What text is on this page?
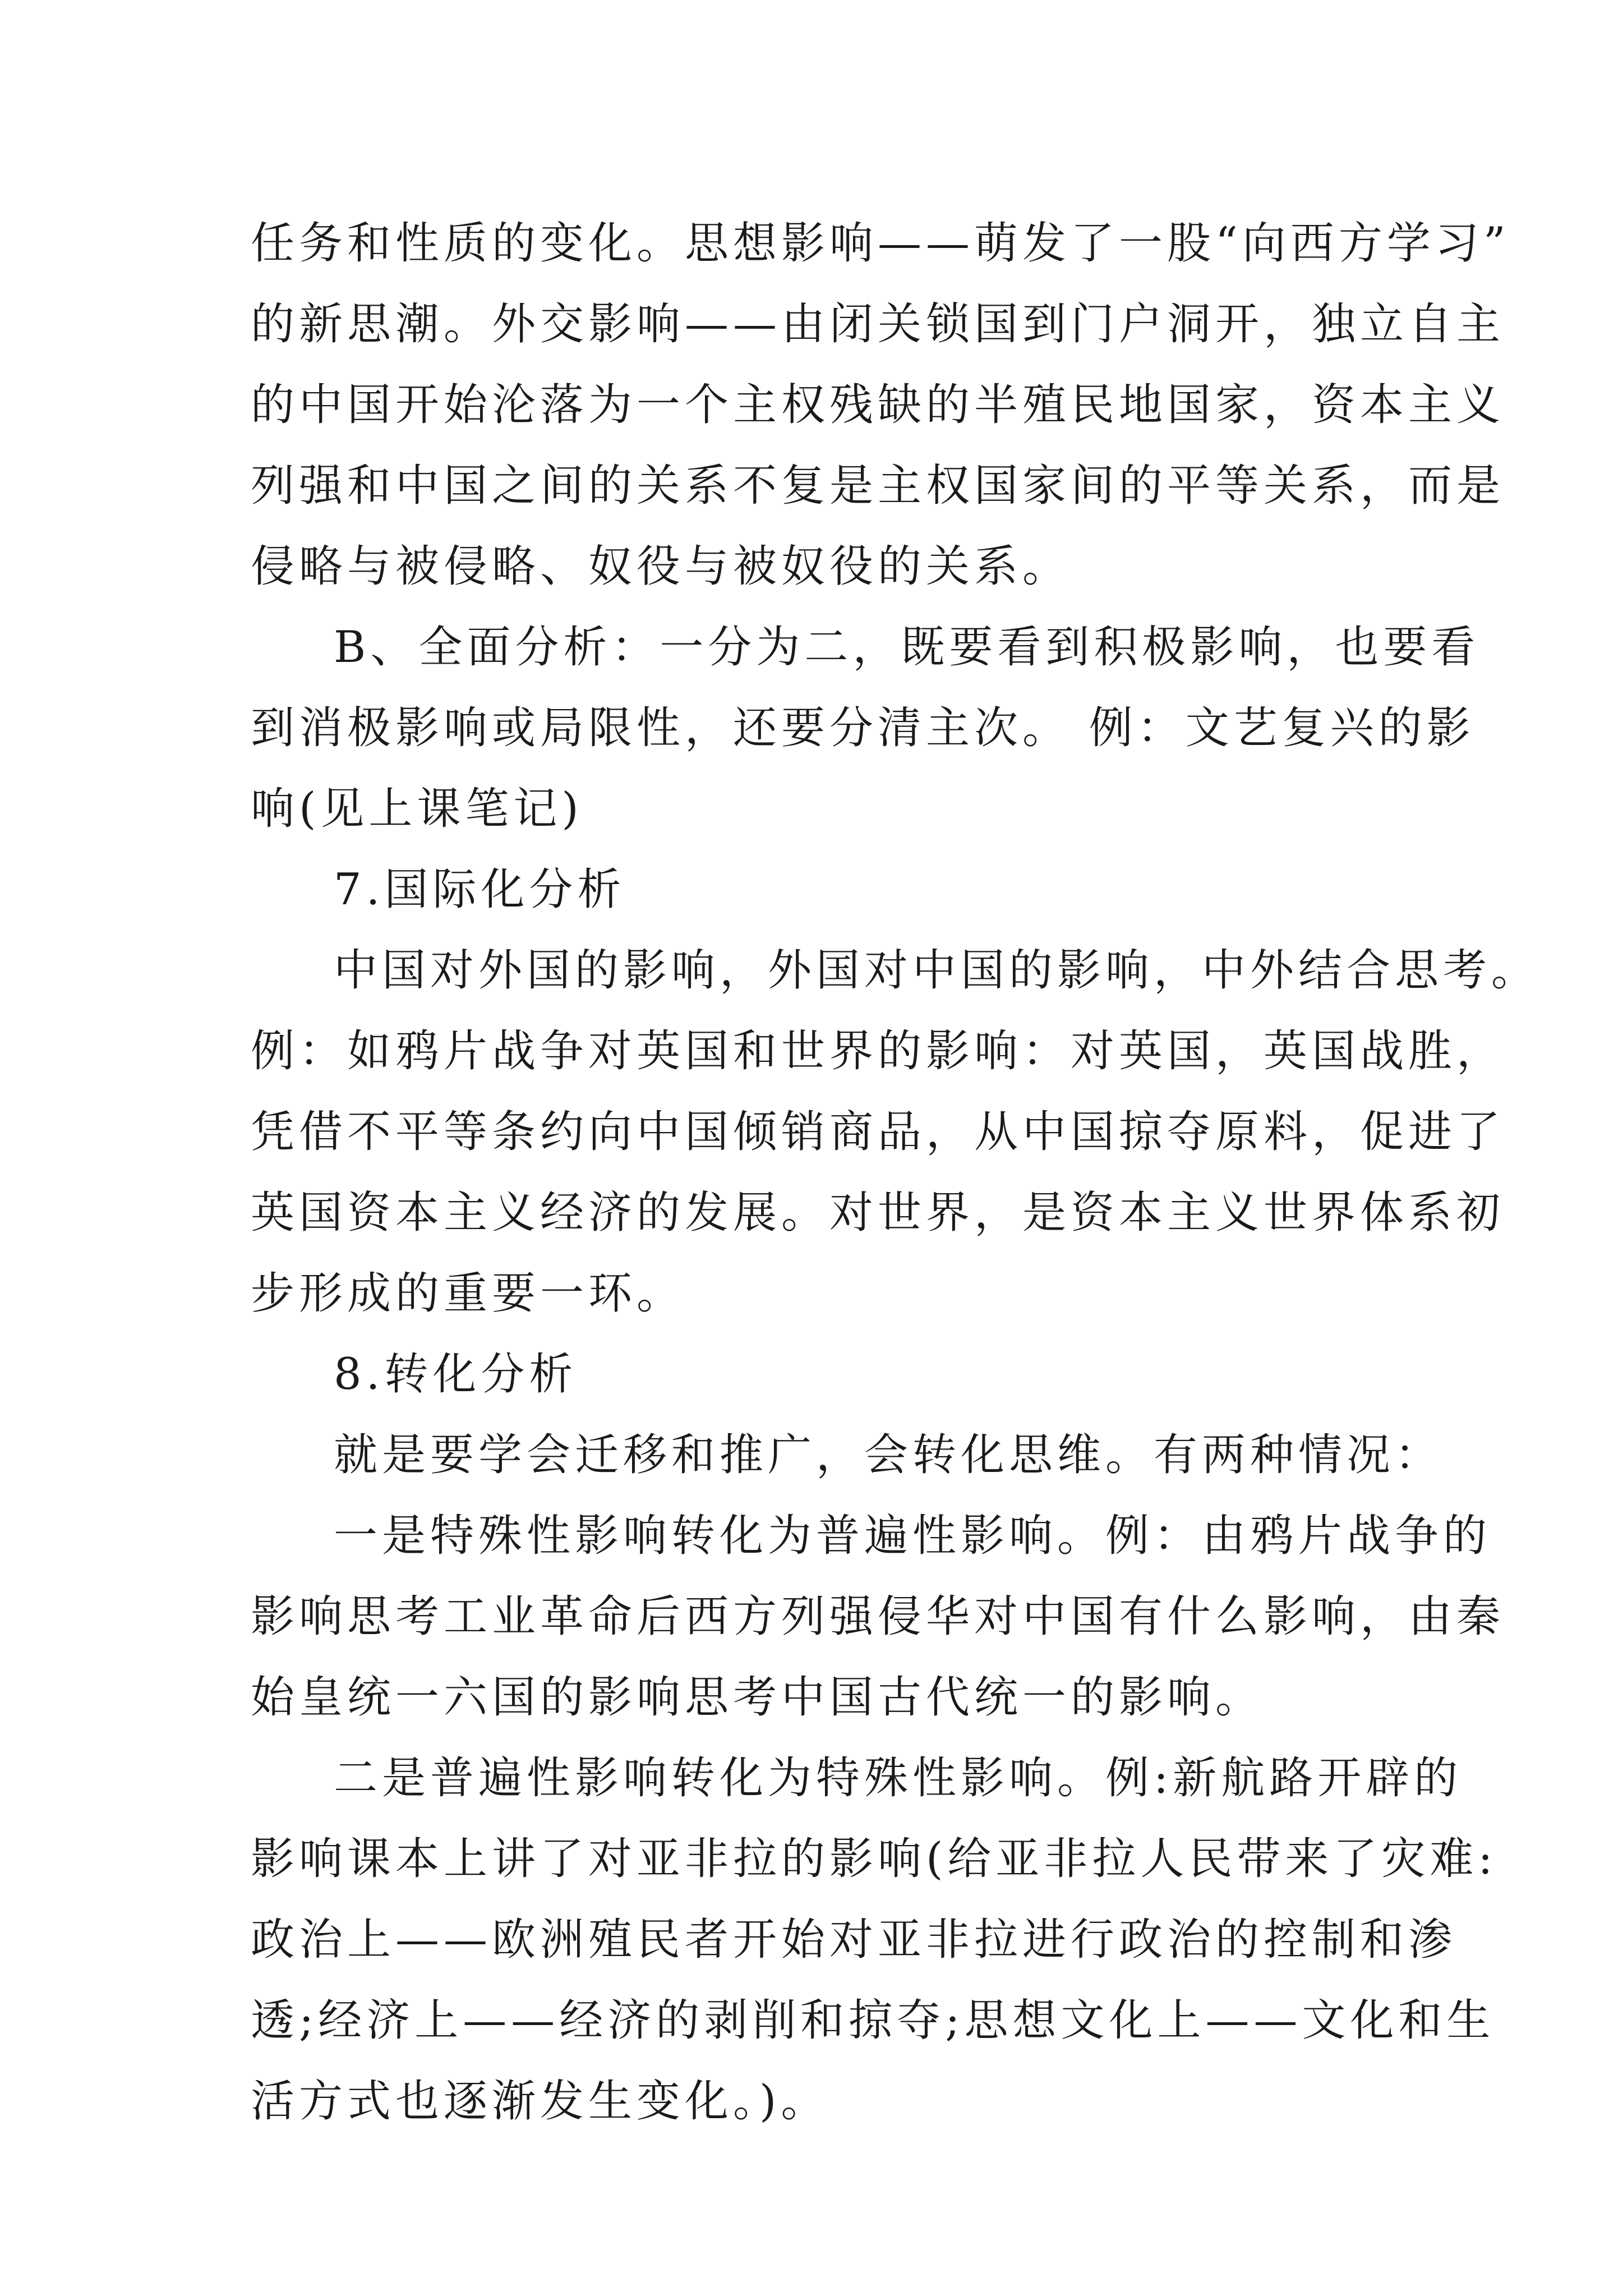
任务和性质的变化。思想影响——萌发了一股“向西方学习”
的新思潮。外交影响——由闭关锁国到门户洞开，独立自主
的中国开始沦落为一个主权残缺的半殖民地国家，资本主义
列强和中国之间的关系不复是主权国家间的平等关系，而是
侵略与被侵略、奴役与被奴役的关系。
B、全面分析：一分为二，既要看到积极影响，也要看
到消极影响或局限性，还要分清主次。 例：文艺复兴的影
响(见上课笔记)
7.国际化分析
中国对外国的影响，外国对中国的影响，中外结合思考。
例：如鸦片战争对英国和世界的影响：对英国，英国战胜，
凭借不平等条约向中国倾销商品，从中国掠夺原料，促进了
英国资本主义经济的发展。对世界，是资本主义世界体系初
步形成的重要一环。
8.转化分析
就是要学会迁移和推广，会转化思维。有两种情况：
一是特殊性影响转化为普遍性影响。例：由鸦片战争的
影响思考工业革命后西方列强侵华对中国有什么影响，由秦
始皇统一六国的影响思考中国古代统一的影响。
二是普遍性影响转化为特殊性影响。例:新航路开辟的
影响课本上讲了对亚非拉的影响(给亚非拉人民带来了灾难:
政治上——欧洲殖民者开始对亚非拉进行政治的控制和渗
透;经济上——经济的剥削和掠夺;思想文化上——文化和生
活方式也逐渐发生变化。)。
